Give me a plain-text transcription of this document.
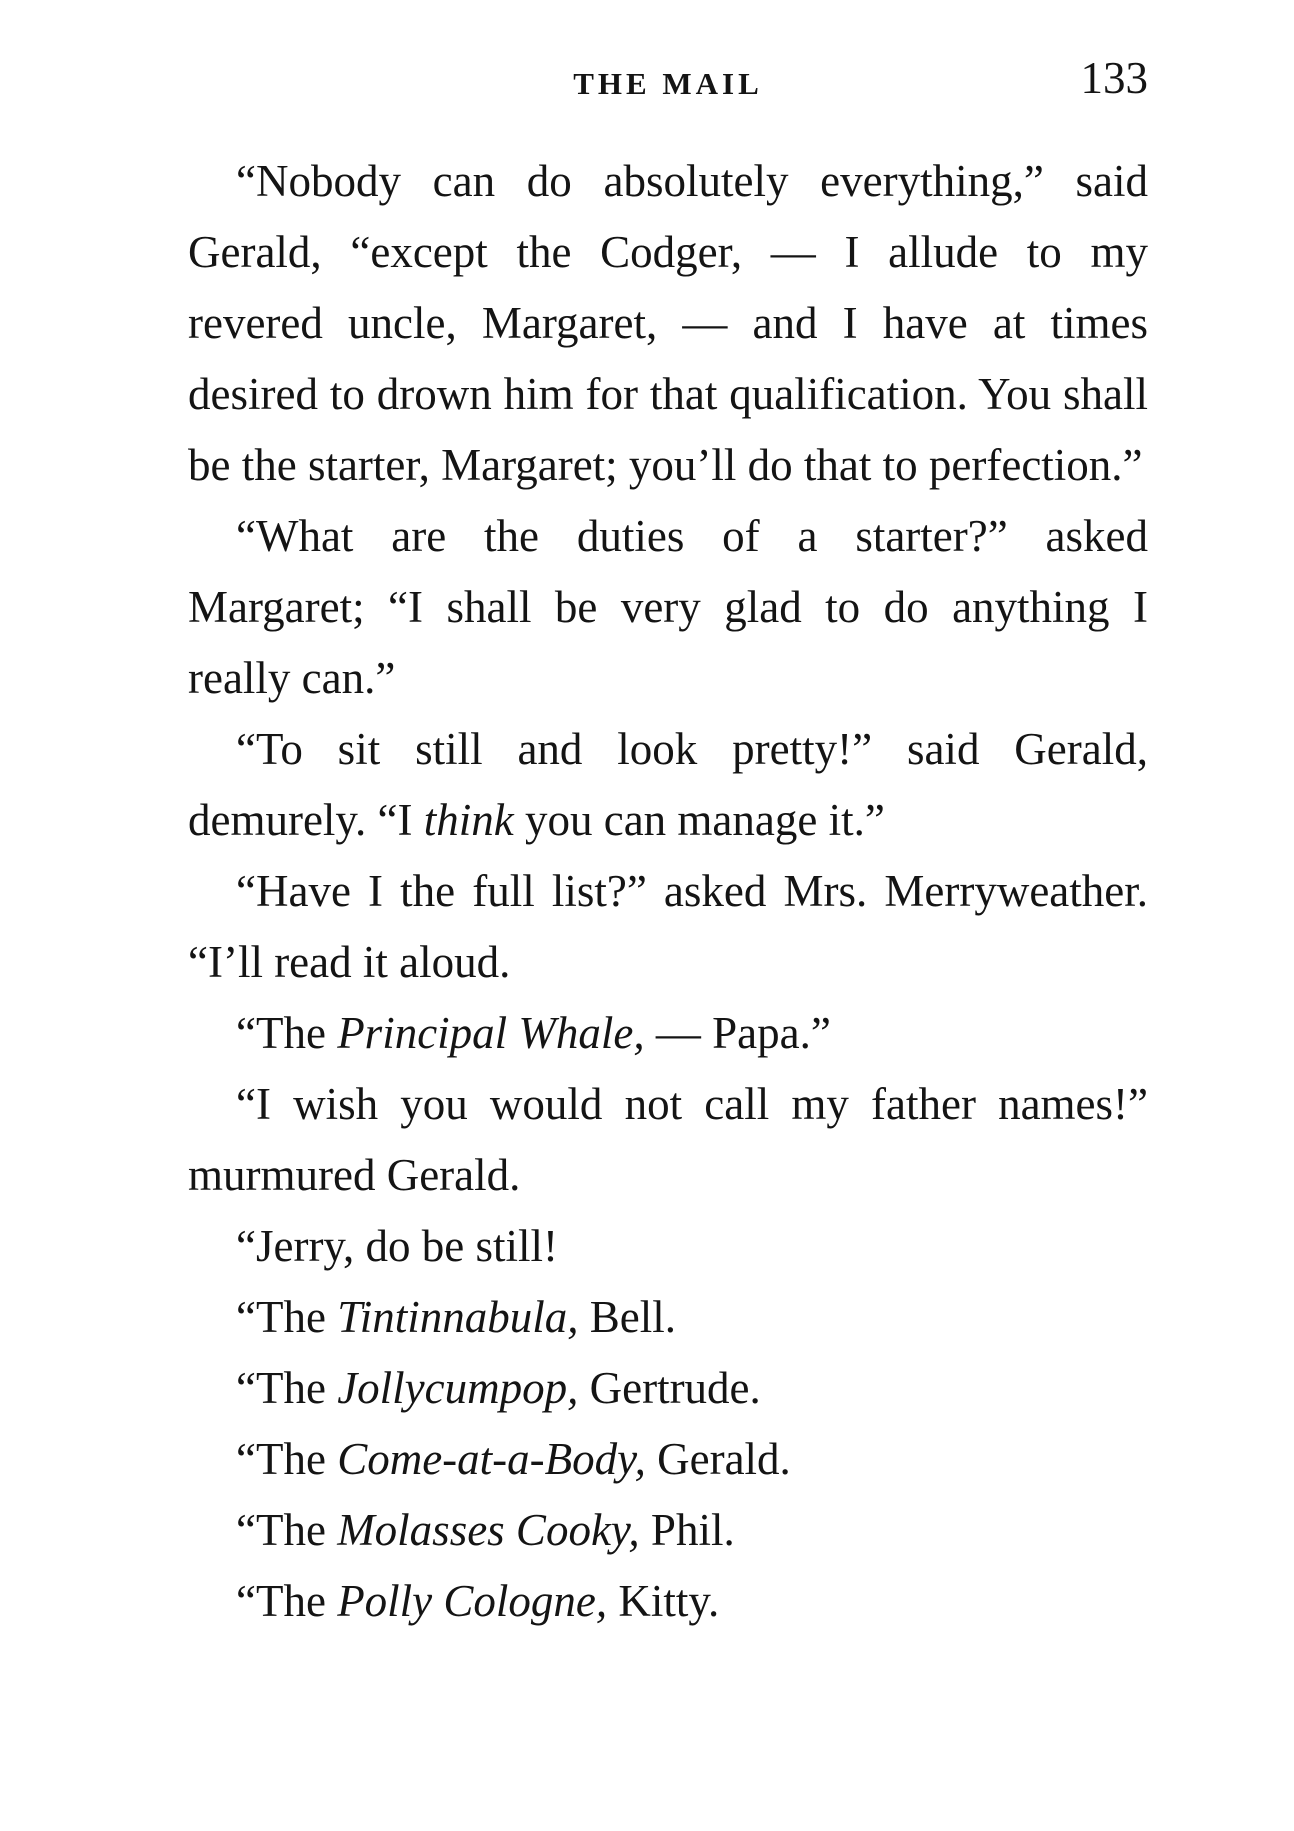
THE MAIL	133

“Nobody can do absolutely everything,” said Gerald, “except the Codger, — I allude to my revered uncle, Margaret, — and I have at times desired to drown him for that qualification. You shall be the starter, Margaret; you’ll do that to perfection.”

“What are the duties of a starter?” asked Margaret; “I shall be very glad to do anything I really can.”

“To sit still and look pretty!” said Gerald, demurely. “I think you can manage it.”

“Have I the full list?” asked Mrs. Merryweather. “I’ll read it aloud.

“The Principal Whale, — Papa.”

“I wish you would not call my father names!” murmured Gerald.

“Jerry, do be still!

“The Tintinnabula, Bell.

“The Jollycumpop, Gertrude.

“The Come-at-a-Body, Gerald.

“The Molasses Cooky, Phil.

“The Polly Cologne, Kitty.
